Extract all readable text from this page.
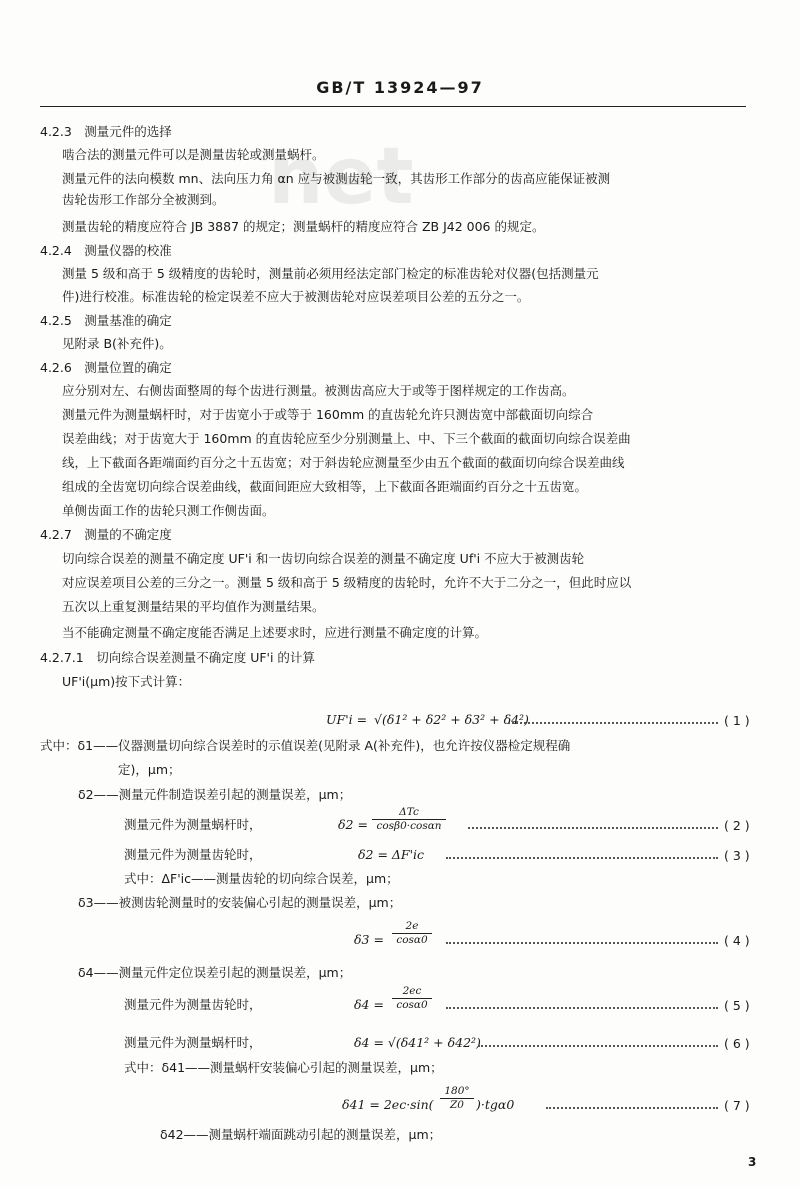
net
GB/T 13924—97
4.2.3　测量元件的选择
啮合法的测量元件可以是测量齿轮或测量蜗杆。
测量元件的法向模数 mn、法向压力角 αn 应与被测齿轮一致，其齿形工作部分的齿高应能保证被测
齿轮齿形工作部分全被测到。
测量齿轮的精度应符合 JB 3887 的规定；测量蜗杆的精度应符合 ZB J42 006 的规定。
4.2.4　测量仪器的校准
测量 5 级和高于 5 级精度的齿轮时，测量前必须用经法定部门检定的标准齿轮对仪器(包括测量元
件)进行校准。标准齿轮的检定误差不应大于被测齿轮对应误差项目公差的五分之一。
4.2.5　测量基准的确定
见附录 B(补充件)。
4.2.6　测量位置的确定
应分别对左、右侧齿面整周的每个齿进行测量。被测齿高应大于或等于图样规定的工作齿高。
测量元件为测量蜗杆时，对于齿宽小于或等于 160mm 的直齿轮允许只测齿宽中部截面切向综合
误差曲线；对于齿宽大于 160mm 的直齿轮应至少分别测量上、中、下三个截面的截面切向综合误差曲
线，上下截面各距端面约百分之十五齿宽；对于斜齿轮应测量至少由五个截面的截面切向综合误差曲线
组成的全齿宽切向综合误差曲线，截面间距应大致相等，上下截面各距端面约百分之十五齿宽。
单侧齿面工作的齿轮只测工作侧齿面。
4.2.7　测量的不确定度
切向综合误差的测量不确定度 UF'i 和一齿切向综合误差的测量不确定度 Uf'i 不应大于被测齿轮
对应误差项目公差的三分之一。测量 5 级和高于 5 级精度的齿轮时，允许不大于二分之一，但此时应以
五次以上重复测量结果的平均值作为测量结果。
当不能确定测量不确定度能否满足上述要求时，应进行测量不确定度的计算。
4.2.7.1　切向综合误差测量不确定度 UF'i 的计算
UF'i(μm)按下式计算：
UF'i = √(δ1² + δ2² + δ3² + δ4²)	( 1 )
式中：δ1——仪器测量切向综合误差时的示值误差(见附录 A(补充件)，也允许按仪器检定规程确
定)，μm；
δ2——测量元件制造误差引起的测量误差，μm；
测量元件为测量蜗杆时，	δ2 =
ΔTc
cosβ0·cosαn	( 2 )
测量元件为测量齿轮时，	δ2 = ΔF'ic	( 3 )
式中：ΔF'ic——测量齿轮的切向综合误差，μm；
δ3——被测齿轮测量时的安装偏心引起的测量误差，μm；
$\delta 3 = \frac{2e}{\cos\alpha 0}$	( 4 )
δ4——测量元件定位误差引起的测量误差，μm；
测量元件为测量齿轮时，	$\delta 4 = \frac{2ec}{\cos\alpha 0}$	( 5 )
测量元件为测量蜗杆时，	δ4 = √(δ41² + δ42²)	( 6 )
式中：δ41——测量蜗杆安装偏心引起的测量误差，μm；
$\delta 41 = 2ec\cdot\sin( \frac{180^\circ}{Z0} )\cdot tg\alpha 0$	( 7 )
δ42——测量蜗杆端面跳动引起的测量误差，μm；
3
